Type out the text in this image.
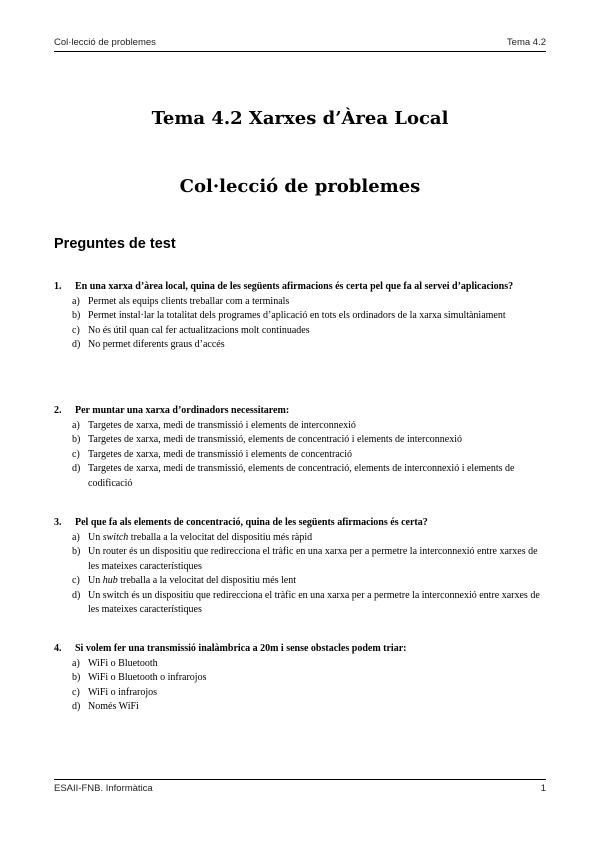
Col·lecció de problemes	Tema 4.2
Tema 4.2 Xarxes d’Àrea Local
Col·lecció de problemes
Preguntes de test
1. En una xarxa d’àrea local, quina de les següents afirmacions és certa pel que fa al servei d’aplicacions?
a) Permet als equips clients treballar com a terminals
b) Permet instal·lar la totalitat dels programes d’aplicació en tots els ordinadors de la xarxa simultàniament
c) No és útil quan cal fer actualitzacions molt continuades
d) No permet diferents graus d’accés
2. Per muntar una xarxa d’ordinadors necessitarem:
a) Targetes de xarxa, medi de transmissió i elements de interconnexió
b) Targetes de xarxa, medi de transmissió, elements de concentració i elements de interconnexió
c) Targetes de xarxa, medi de transmissió i elements de concentració
d) Targetes de xarxa, medi de transmissió, elements de concentració, elements de interconnexió i elements de codificació
3. Pel que fa als elements de concentració, quina de les següents afirmacions és certa?
a) Un switch treballa a la velocitat del dispositiu més ràpid
b) Un router és un dispositiu que redirecciona el tràfic en una xarxa per a permetre la interconnexió entre xarxes de les mateixes característiques
c) Un hub treballa a la velocitat del dispositiu més lent
d) Un switch és un dispositiu que redirecciona el tràfic en una xarxa per a permetre la interconnexió entre xarxes de les mateixes característiques
4. Si volem fer una transmissió inalàmbrica a 20m i sense obstacles podem triar:
a) WiFi o Bluetooth
b) WiFi o Bluetooth o infrarojos
c) WiFi o infrarojos
d) Només WiFi
ESAII-FNB. Informàtica	1
